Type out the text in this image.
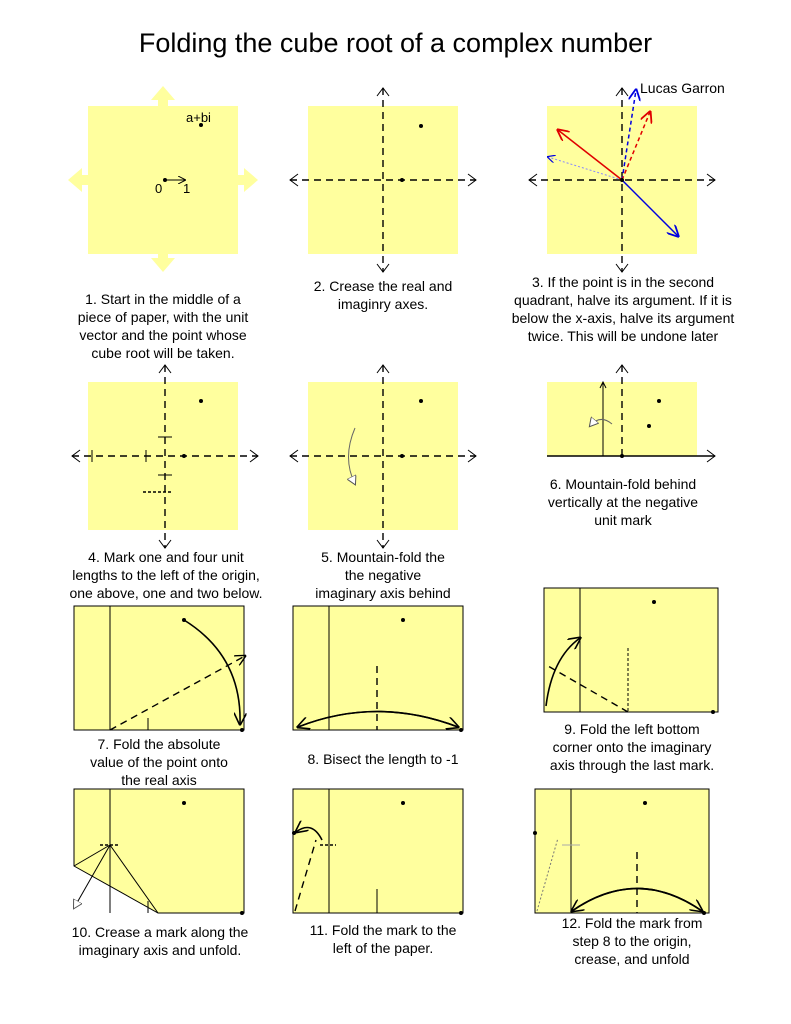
Folding the cube root of a complex number
Lucas Garron
a+bi
0 1
1. Start in the middle of a
piece of paper, with the unit
vector and the point whose
cube root will be taken.
2. Crease the real and
imaginry axes.
3. If the point is in the second
quadrant, halve its argument. If it is
below the x-axis, halve its argument
twice. This will be undone later
4. Mark one and four unit
lengths to the left of the origin,
one above, one and two below.
5. Mountain-fold the
the negative
imaginary axis behind
6. Mountain-fold behind
vertically at the negative
unit mark
7. Fold the absolute
value of the point onto
the real axis
8. Bisect the length to -1
9. Fold the left bottom
corner onto the imaginary
axis through the last mark.
10. Crease a mark along the
imaginary axis and unfold.
11. Fold the mark to the
left of the paper.
12. Fold the mark from
step 8 to the origin,
crease, and unfold
